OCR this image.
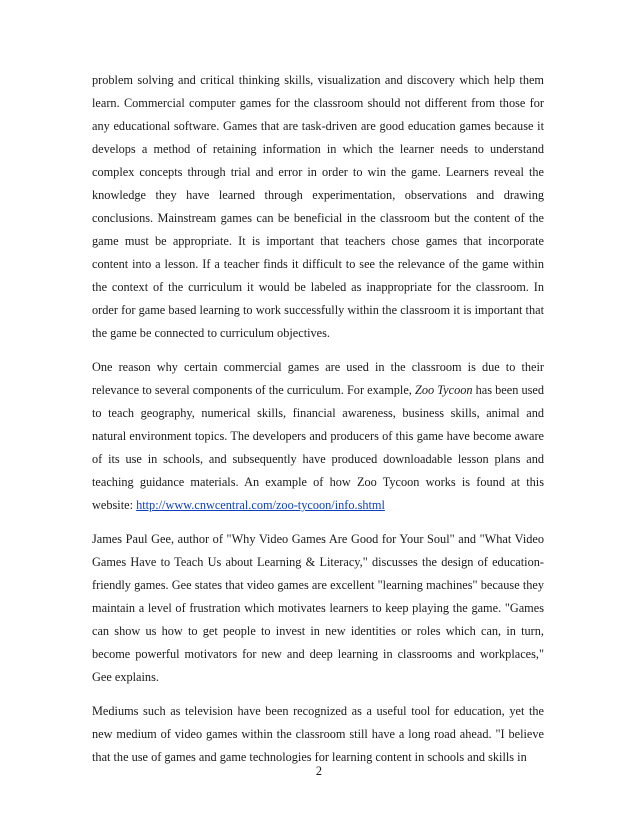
problem solving and critical thinking skills, visualization and discovery which help them learn. Commercial computer games for the classroom should not different from those for any educational software. Games that are task-driven are good education games because it develops a method of retaining information in which the learner needs to understand complex concepts through trial and error in order to win the game. Learners reveal the knowledge they have learned through experimentation, observations and drawing conclusions. Mainstream games can be beneficial in the classroom but the content of the game must be appropriate. It is important that teachers chose games that incorporate content into a lesson. If a teacher finds it difficult to see the relevance of the game within the context of the curriculum it would be labeled as inappropriate for the classroom. In order for game based learning to work successfully within the classroom it is important that the game be connected to curriculum objectives.

One reason why certain commercial games are used in the classroom is due to their relevance to several components of the curriculum. For example, Zoo Tycoon has been used to teach geography, numerical skills, financial awareness, business skills, animal and natural environment topics. The developers and producers of this game have become aware of its use in schools, and subsequently have produced downloadable lesson plans and teaching guidance materials. An example of how Zoo Tycoon works is found at this website: http://www.cnwcentral.com/zoo-tycoon/info.shtml

James Paul Gee, author of "Why Video Games Are Good for Your Soul" and "What Video Games Have to Teach Us about Learning & Literacy," discusses the design of education-friendly games. Gee states that video games are excellent "learning machines" because they maintain a level of frustration which motivates learners to keep playing the game. "Games can show us how to get people to invest in new identities or roles which can, in turn, become powerful motivators for new and deep learning in classrooms and workplaces," Gee explains.

Mediums such as television have been recognized as a useful tool for education, yet the new medium of video games within the classroom still have a long road ahead. "I believe that the use of games and game technologies for learning content in schools and skills in

2
